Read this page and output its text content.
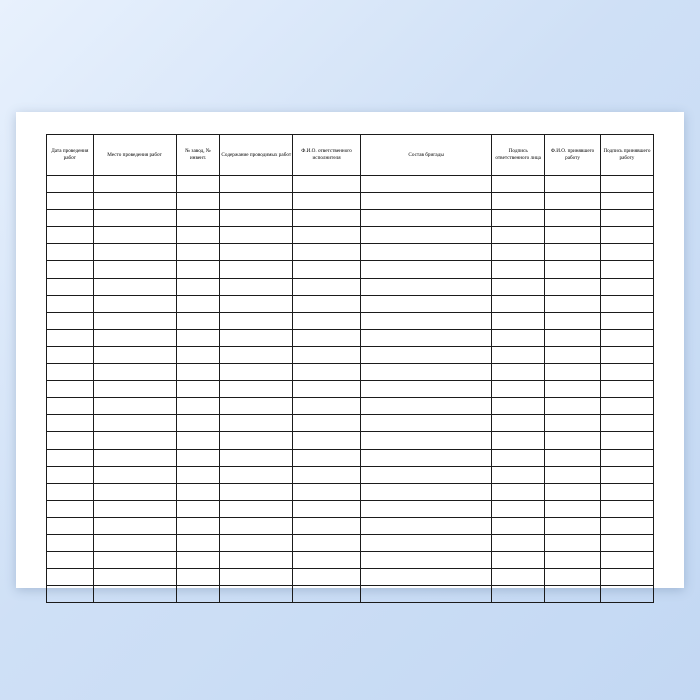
Дата проведения работ	Место проведения работ	№ завод, № инвент.	Содержание проводимых работ	Ф.И.О. ответственного исполнителя	Состав бригады	Подпись ответственного лица	Ф.И.О. принявшего работу	Подпись принявшего работу
